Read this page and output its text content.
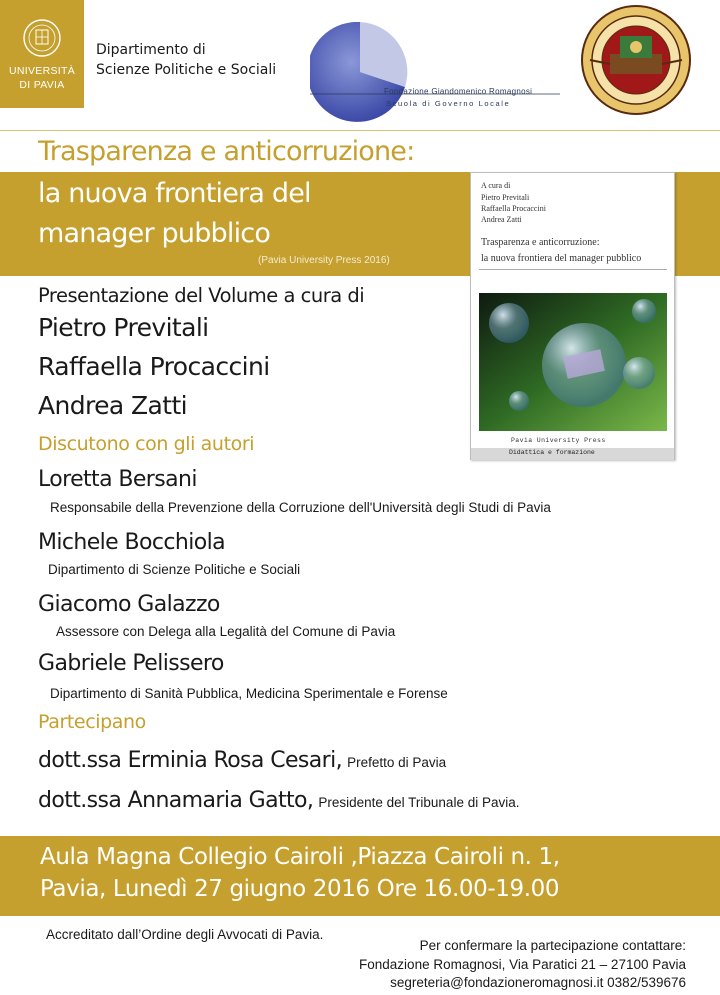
UNIVERSITÀ
DI PAVIA
Dipartimento di
Scienze Politiche e Sociali
Fondazione Giandomenico Romagnosi
Scuola di Governo Locale
Trasparenza e anticorruzione:
la nuova frontiera del
manager pubblico
(Pavia University Press 2016)
A cura di
Pietro Previtali
Raffaella Procaccini
Andrea Zatti
Trasparenza e anticorruzione:
la nuova frontiera del manager pubblico
Pavia University Press
Didattica e formazione
Presentazione del Volume a cura di
Pietro Previtali
Raffaella Procaccini
Andrea Zatti
Discutono con gli autori
Loretta Bersani
Responsabile della Prevenzione della Corruzione dell'Università degli Studi di Pavia
Michele Bocchiola
Dipartimento di Scienze Politiche e Sociali
Giacomo Galazzo
Assessore con Delega alla Legalità del Comune di Pavia
Gabriele Pelissero
Dipartimento di Sanità Pubblica, Medicina Sperimentale e Forense
Partecipano
dott.ssa Erminia Rosa Cesari, Prefetto di Pavia
dott.ssa Annamaria Gatto, Presidente del Tribunale di Pavia.
Aula Magna Collegio Cairoli ,Piazza Cairoli n. 1,
Pavia, Lunedì 27 giugno 2016 Ore 16.00-19.00
Accreditato dall’Ordine degli Avvocati di Pavia.
Per confermare la partecipazione contattare:
Fondazione Romagnosi, Via Paratici 21 – 27100 Pavia
segreteria@fondazioneromagnosi.it 0382/539676
